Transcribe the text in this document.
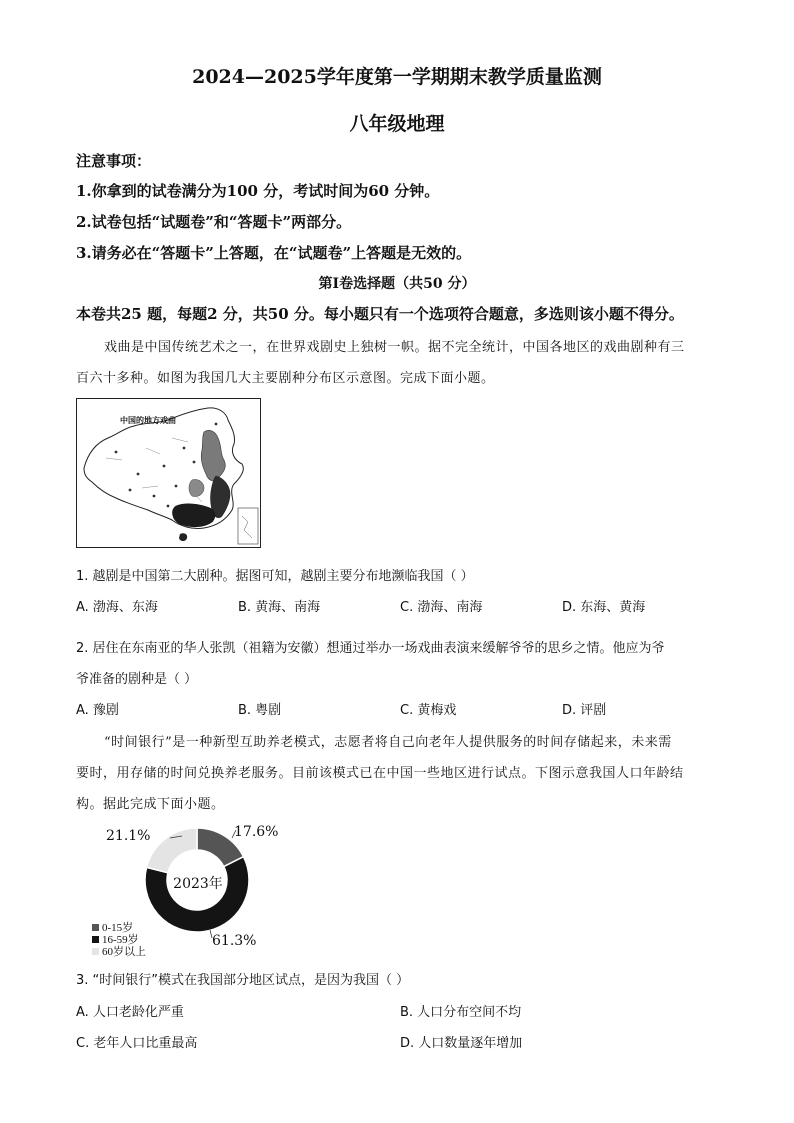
2024—2025学年度第一学期期末教学质量监测
八年级地理
注意事项：
1.你拿到的试卷满分为100 分，考试时间为60 分钟。
2.试卷包括“试题卷”和“答题卡”两部分。
3.请务必在“答题卡”上答题，在“试题卷”上答题是无效的。
第Ⅰ卷选择题（共50 分）
本卷共25 题，每题2 分，共50 分。每小题只有一个选项符合题意，多选则该小题不得分。
戏曲是中国传统艺术之一，在世界戏剧史上独树一帜。据不完全统计，中国各地区的戏曲剧种有三
百六十多种。如图为我国几大主要剧种分布区示意图。完成下面小题。
中国的地方戏曲
1. 越剧是中国第二大剧种。据图可知，越剧主要分布地濒临我国（ ）
A. 渤海、东海	B. 黄海、南海	C. 渤海、南海	D. 东海、黄海
2. 居住在东南亚的华人张凯（祖籍为安徽）想通过举办一场戏曲表演来缓解爷爷的思乡之情。他应为爷
爷准备的剧种是（ ）
A. 豫剧	B. 粤剧	C. 黄梅戏	D. 评剧
“时间银行”是一种新型互助养老模式，志愿者将自己向老年人提供服务的时间存储起来，未来需
要时，用存储的时间兑换养老服务。目前该模式已在中国一些地区进行试点。下图示意我国人口年龄结
构。据此完成下面小题。
21.1%	17.6%
61.3%
2023年
0-15岁
16-59岁
60岁以上
3. “时间银行”模式在我国部分地区试点，是因为我国（ ）
A. 人口老龄化严重	B. 人口分布空间不均
C. 老年人口比重最高	D. 人口数量逐年增加
